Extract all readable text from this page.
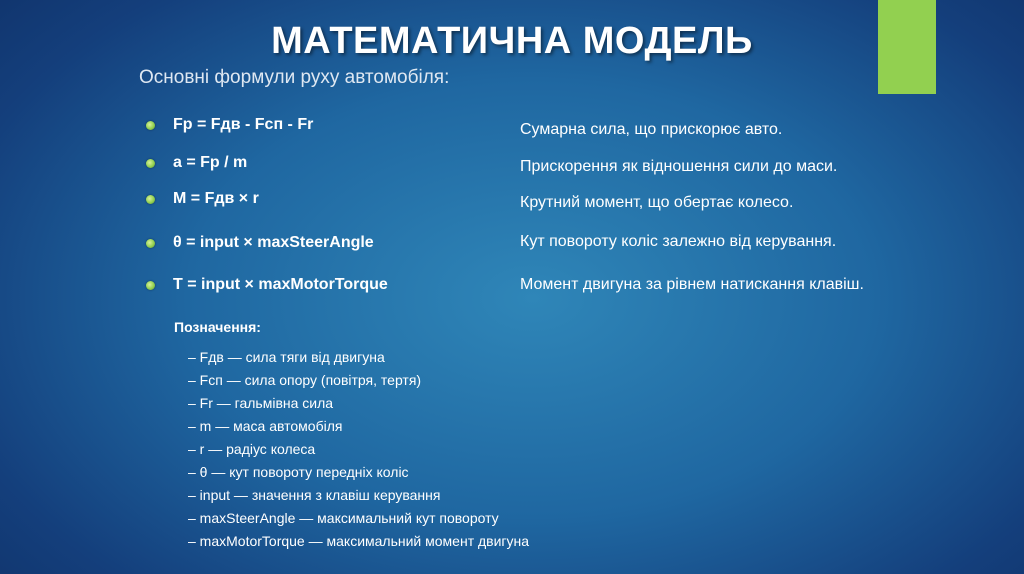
МАТЕМАТИЧНА МОДЕЛЬ
Основні формули руху автомобіля:
Fр = Fдв - Fсп - Fr
a = Fр / m
M = Fдв × r
θ = input × maxSteerAngle
T = input × maxMotorTorque
Сумарна сила, що прискорює авто.
Прискорення як відношення сили до маси.
Крутний момент, що обертає колесо.
Кут повороту коліс залежно від керування.
Момент двигуна за рівнем натискання клавіш.
Позначення:
– Fдв — сила тяги від двигуна
– Fсп — сила опору (повітря, тертя)
– Fr — гальмівна сила
– m — маса автомобіля
– r — радіус колеса
– θ — кут повороту передніх коліс
– input — значення з клавіш керування
– maxSteerAngle — максимальний кут повороту
– maxMotorTorque — максимальний момент двигуна
